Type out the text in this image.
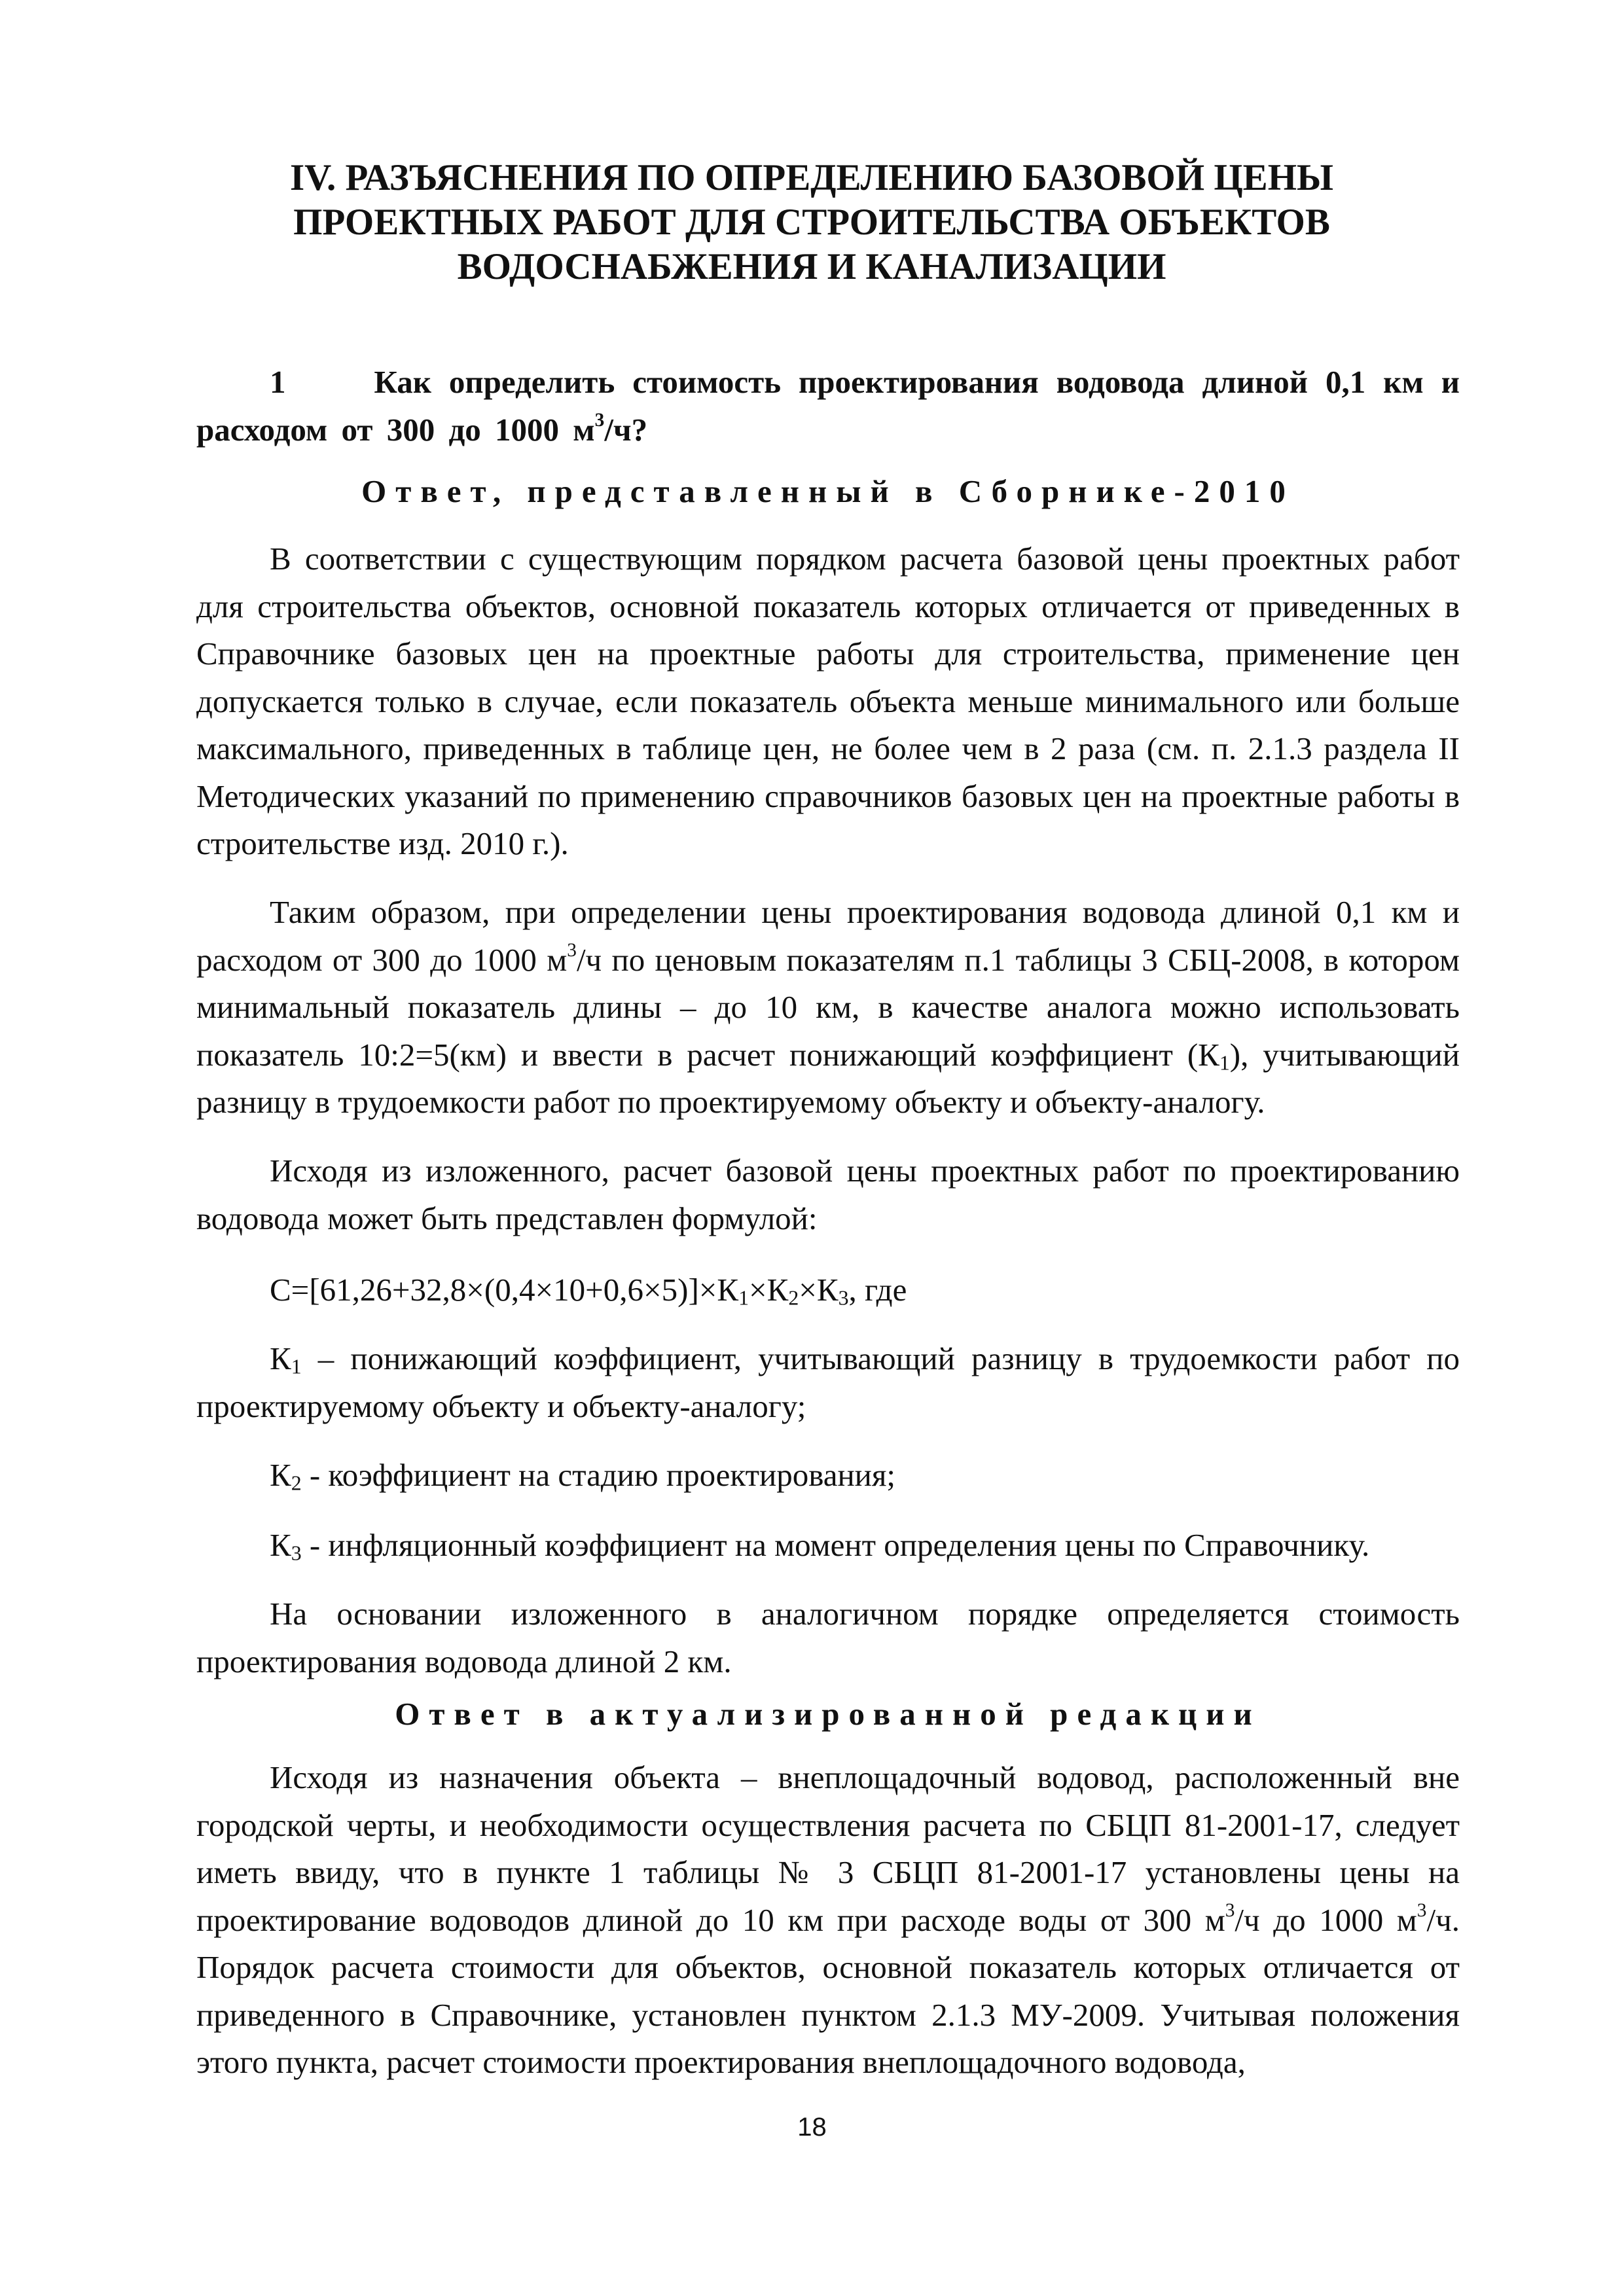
IV. РАЗЪЯСНЕНИЯ ПО ОПРЕДЕЛЕНИЮ БАЗОВОЙ ЦЕНЫ
ПРОЕКТНЫХ РАБОТ ДЛЯ СТРОИТЕЛЬСТВА ОБЪЕКТОВ
ВОДОСНАБЖЕНИЯ И КАНАЛИЗАЦИИ
1	Как определить стоимость проектирования водовода длиной 0,1 км и расходом от 300 до 1000 $м^3/ч$?
Ответ, представленный в Сборнике-2010
В соответствии с существующим порядком расчета базовой цены проектных работ для строительства объектов, основной показатель которых отличается от приведенных в Справочнике базовых цен на проектные работы для строительства, применение цен допускается только в случае, если показатель объекта меньше минимального или больше максимального, приведенных в таблице цен, не более чем в 2 раза (см. п. 2.1.3 раздела II Методических указаний по применению справочников базовых цен на проектные работы в строительстве изд. 2010 г.).
Таким образом, при определении цены проектирования водовода длиной 0,1 км и расходом от 300 до 1000 $м^3/ч$ по ценовым показателям п.1 таблицы 3 СБЦ-2008, в котором минимальный показатель длины – до 10 км, в качестве аналога можно использовать показатель 10:2=5(км) и ввести в расчет понижающий коэффициент $(К_1)$, учитывающий разницу в трудоемкости работ по проектируемому объекту и объекту-аналогу.
Исходя из изложенного, расчет базовой цены проектных работ по проектированию водовода может быть представлен формулой:
$С=[61,26+32,8\times(0,4\times 10+0,6\times 5)]\times К_1\times К_2\times К_3$, где
$К_1$ – понижающий коэффициент, учитывающий разницу в трудоемкости работ по проектируемому объекту и объекту-аналогу;
$К_2$ - коэффициент на стадию проектирования;
$К_3$ - инфляционный коэффициент на момент определения цены по Справочнику.
На основании изложенного в аналогичном порядке определяется стоимость проектирования водовода длиной 2 км.
Ответ в актуализированной редакции
Исходя из назначения объекта – внеплощадочный водовод, расположенный вне городской черты, и необходимости осуществления расчета по СБЦП 81-2001-17, следует иметь ввиду, что в пункте 1 таблицы № 3 СБЦП 81-2001-17 установлены цены на проектирование водоводов длиной до 10 км при расходе воды от 300 $м^3/ч$ до 1000 $м^3/ч$. Порядок расчета стоимости для объектов, основной показатель которых отличается от приведенного в Справочнике, установлен пунктом 2.1.3 МУ-2009. Учитывая положения этого пункта, расчет стоимости проектирования внеплощадочного водовода,
18
